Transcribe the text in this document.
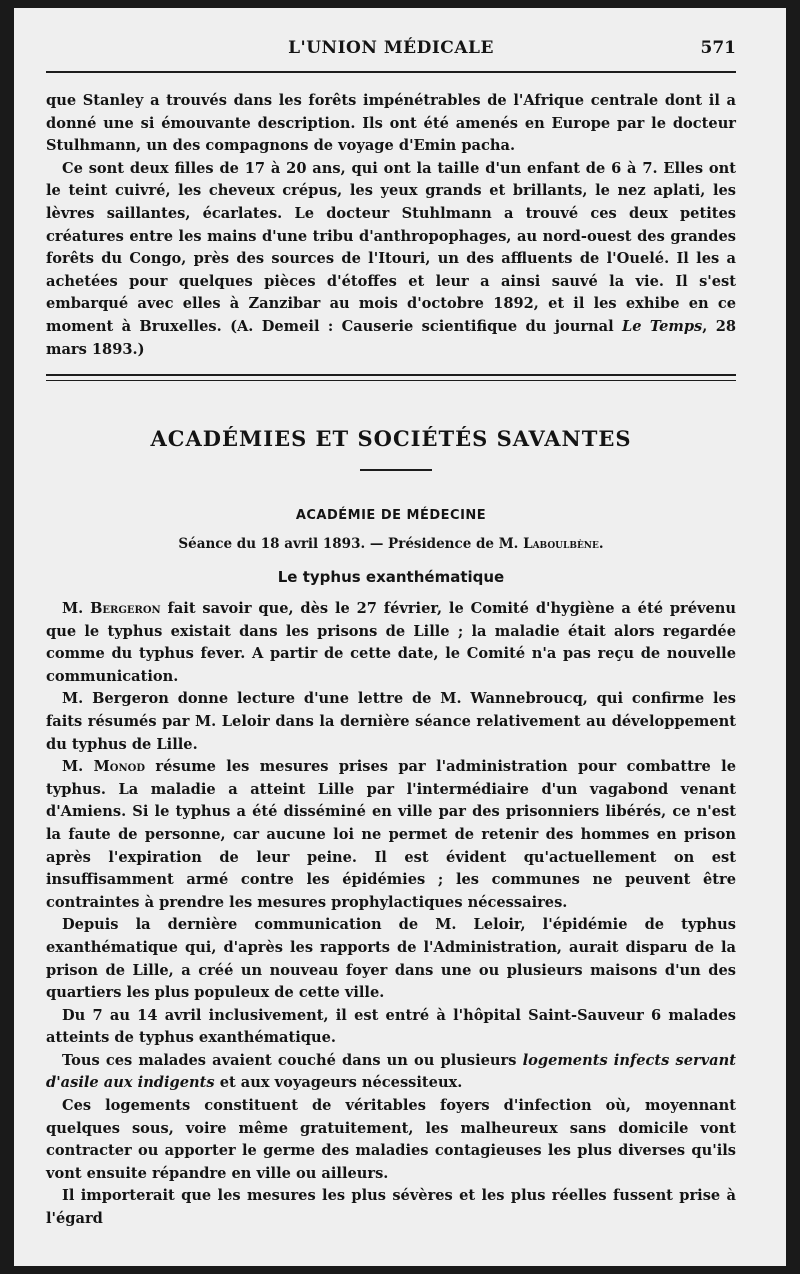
L'UNION MÉDICALE	571

que Stanley a trouvés dans les forêts impénétrables de l'Afrique centrale dont il a donné une si émouvante description. Ils ont été amenés en Europe par le docteur Stulhmann, un des compagnons de voyage d'Emin pacha.

Ce sont deux filles de 17 à 20 ans, qui ont la taille d'un enfant de 6 à 7. Elles ont le teint cuivré, les cheveux crépus, les yeux grands et brillants, le nez aplati, les lèvres saillantes, écarlates. Le docteur Stuhlmann a trouvé ces deux petites créatures entre les mains d'une tribu d'anthropophages, au nord-ouest des grandes forêts du Congo, près des sources de l'Itouri, un des affluents de l'Ouelé. Il les a achetées pour quelques pièces d'étoffes et leur a ainsi sauvé la vie. Il s'est embarqué avec elles à Zanzibar au mois d'octobre 1892, et il les exhibe en ce moment à Bruxelles. (A. Demeil : Causerie scientifique du journal Le Temps, 28 mars 1893.)

ACADÉMIES ET SOCIÉTÉS SAVANTES
ACADÉMIE DE MÉDECINE
Séance du 18 avril 1893. — Présidence de M. Laboulbène.
Le typhus exanthématique

M. Bergeron fait savoir que, dès le 27 février, le Comité d'hygiène a été prévenu que le typhus existait dans les prisons de Lille ; la maladie était alors regardée comme du typhus fever. A partir de cette date, le Comité n'a pas reçu de nouvelle communication.

M. Bergeron donne lecture d'une lettre de M. Wannebroucq, qui confirme les faits résumés par M. Leloir dans la dernière séance relativement au développement du typhus de Lille.

M. Monod résume les mesures prises par l'administration pour combattre le typhus. La maladie a atteint Lille par l'intermédiaire d'un vagabond venant d'Amiens. Si le typhus a été disséminé en ville par des prisonniers libérés, ce n'est la faute de personne, car aucune loi ne permet de retenir des hommes en prison après l'expiration de leur peine. Il est évident qu'actuellement on est insuffisamment armé contre les épidémies ; les communes ne peuvent être contraintes à prendre les mesures prophylactiques nécessaires.

Depuis la dernière communication de M. Leloir, l'épidémie de typhus exanthématique qui, d'après les rapports de l'Administration, aurait disparu de la prison de Lille, a créé un nouveau foyer dans une ou plusieurs maisons d'un des quartiers les plus populeux de cette ville.

Du 7 au 14 avril inclusivement, il est entré à l'hôpital Saint-Sauveur 6 malades atteints de typhus exanthématique.

Tous ces malades avaient couché dans un ou plusieurs logements infects servant d'asile aux indigents et aux voyageurs nécessiteux.

Ces logements constituent de véritables foyers d'infection où, moyennant quelques sous, voire même gratuitement, les malheureux sans domicile vont contracter ou apporter le germe des maladies contagieuses les plus diverses qu'ils vont ensuite répandre en ville ou ailleurs.

Il importerait que les mesures les plus sévères et les plus réelles fussent prise à l'égard
